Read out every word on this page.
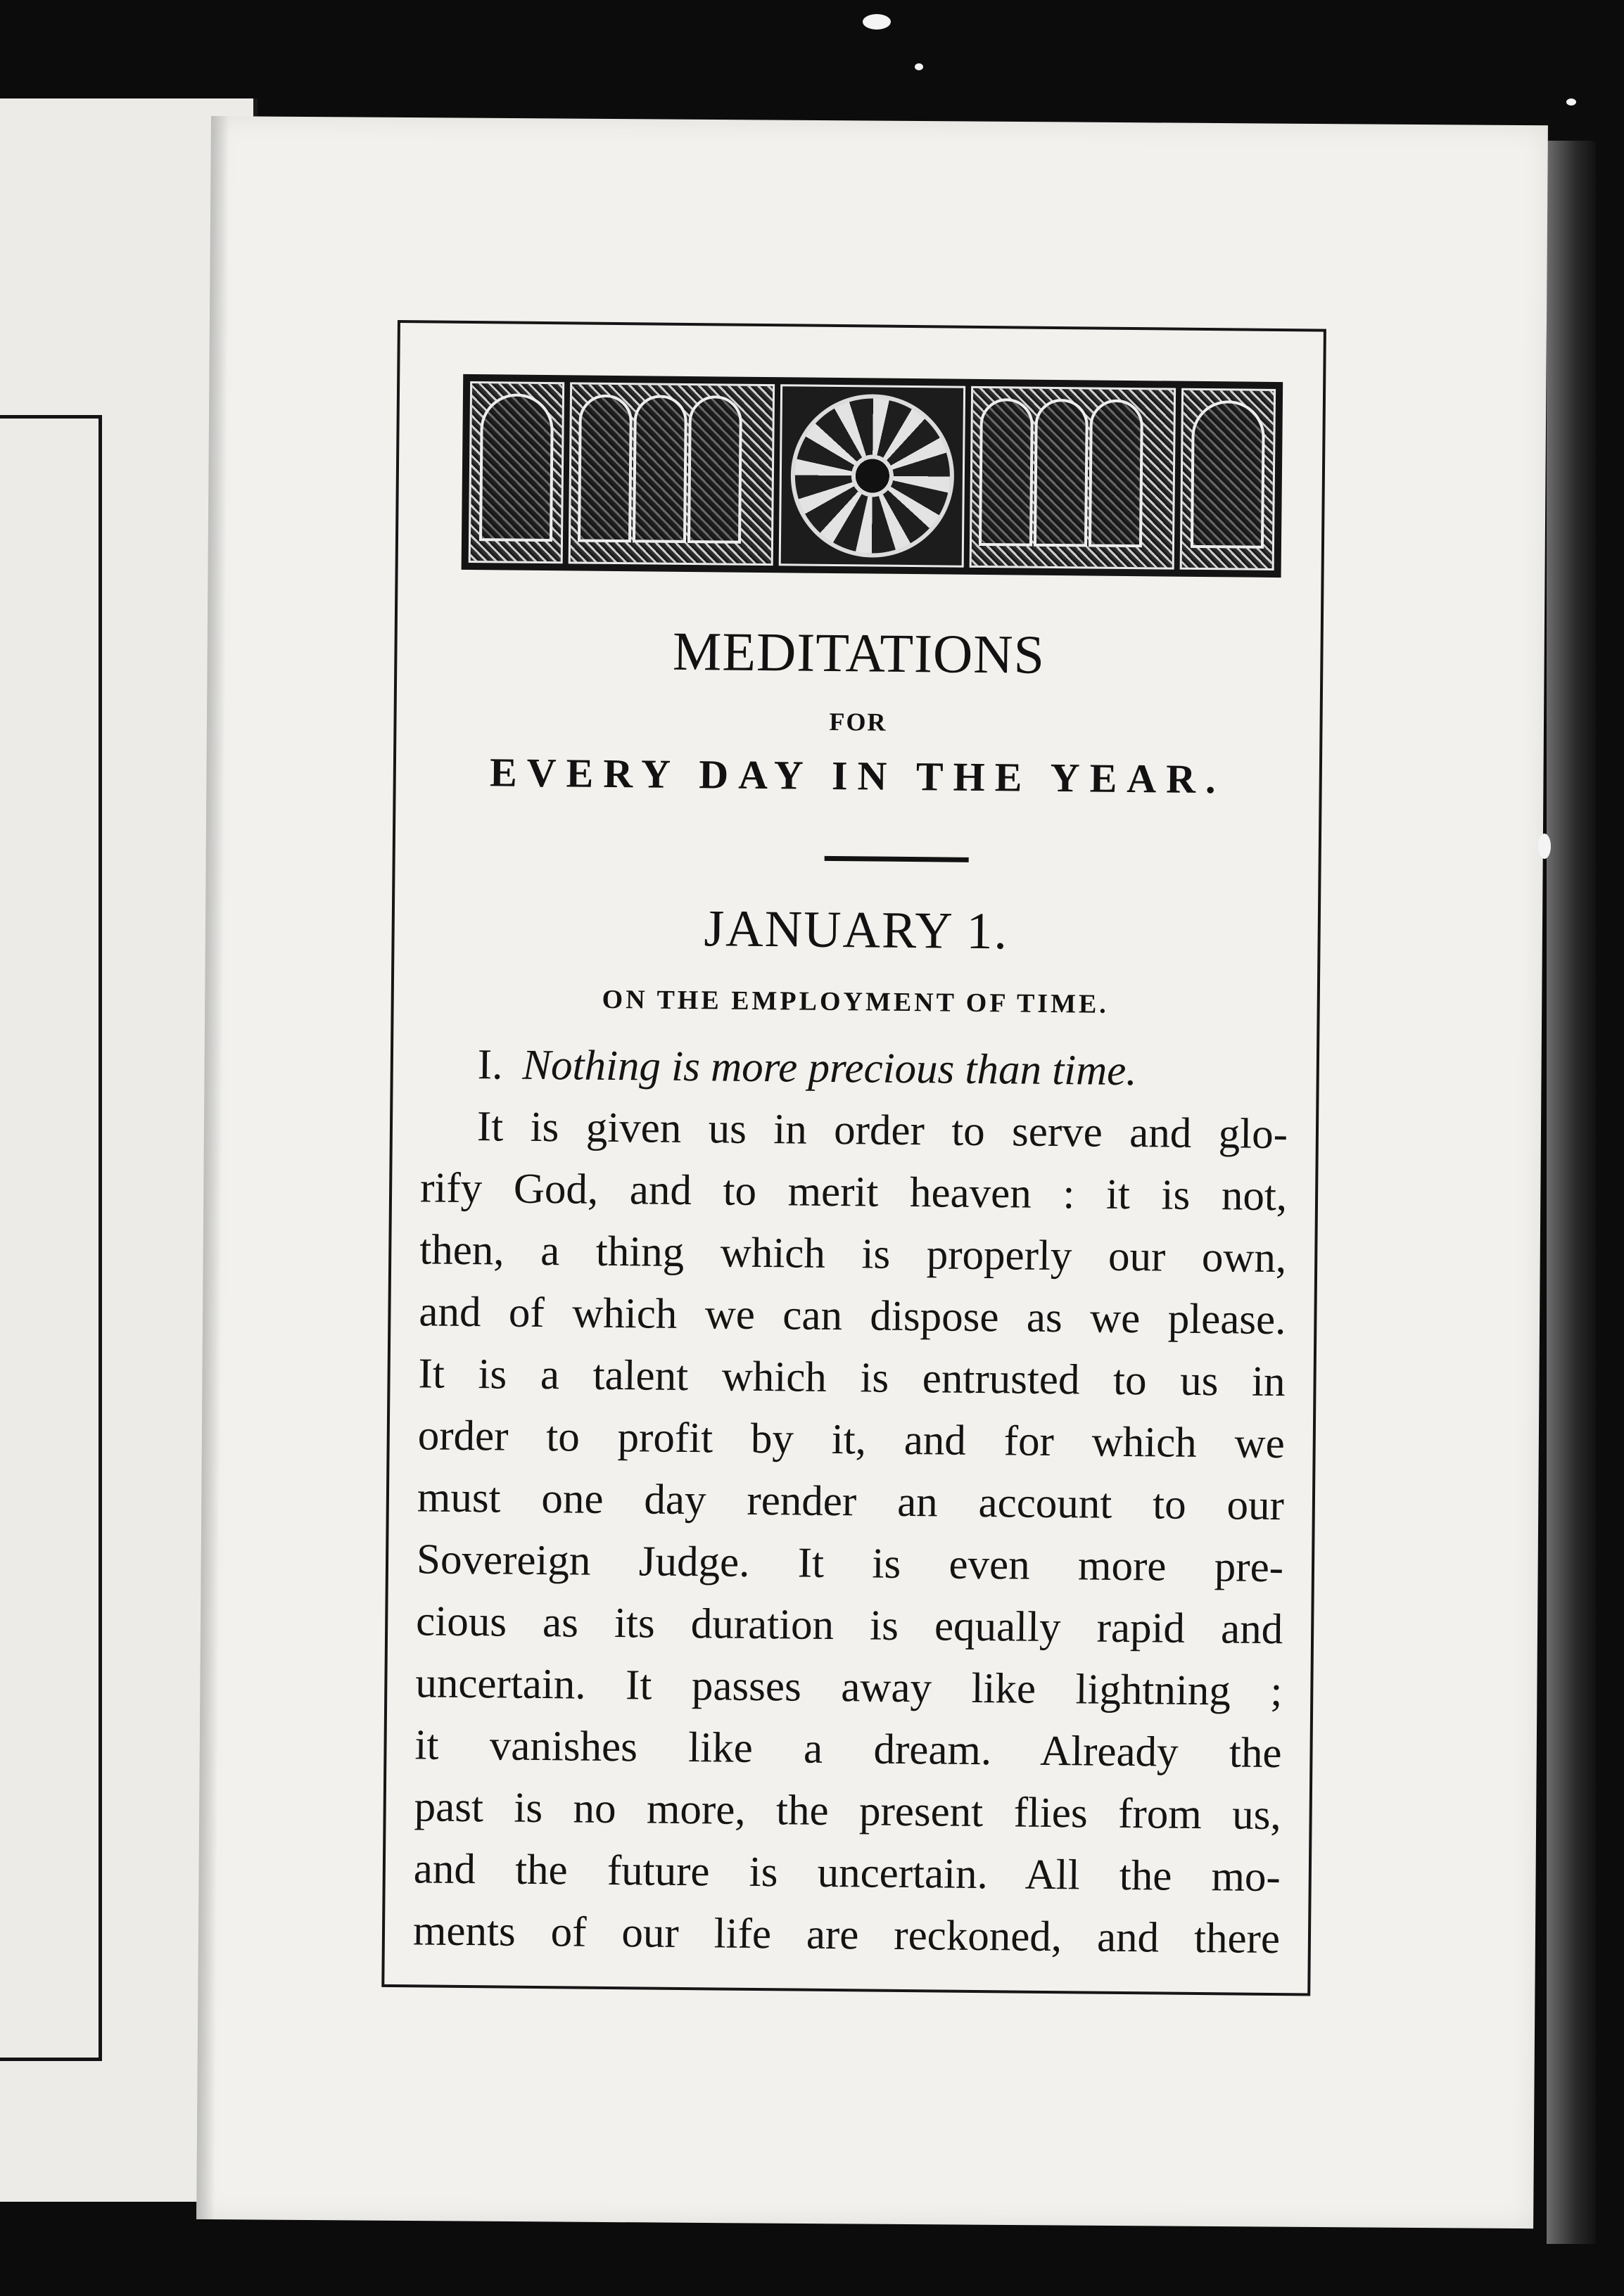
MEDITATIONS
FOR
EVERY DAY IN THE YEAR.
JANUARY 1.
ON THE EMPLOYMENT OF TIME.
I. Nothing is more precious than time.
It is given us in order to serve and glo-
rify God, and to merit heaven : it is not,
then, a thing which is properly our own,
and of which we can dispose as we please.
It is a talent which is entrusted to us in
order to profit by it, and for which we
must one day render an account to our
Sovereign Judge. It is even more pre-
cious as its duration is equally rapid and
uncertain. It passes away like lightning ;
it vanishes like a dream. Already the
past is no more, the present flies from us,
and the future is uncertain. All the mo-
ments of our life are reckoned, and there
